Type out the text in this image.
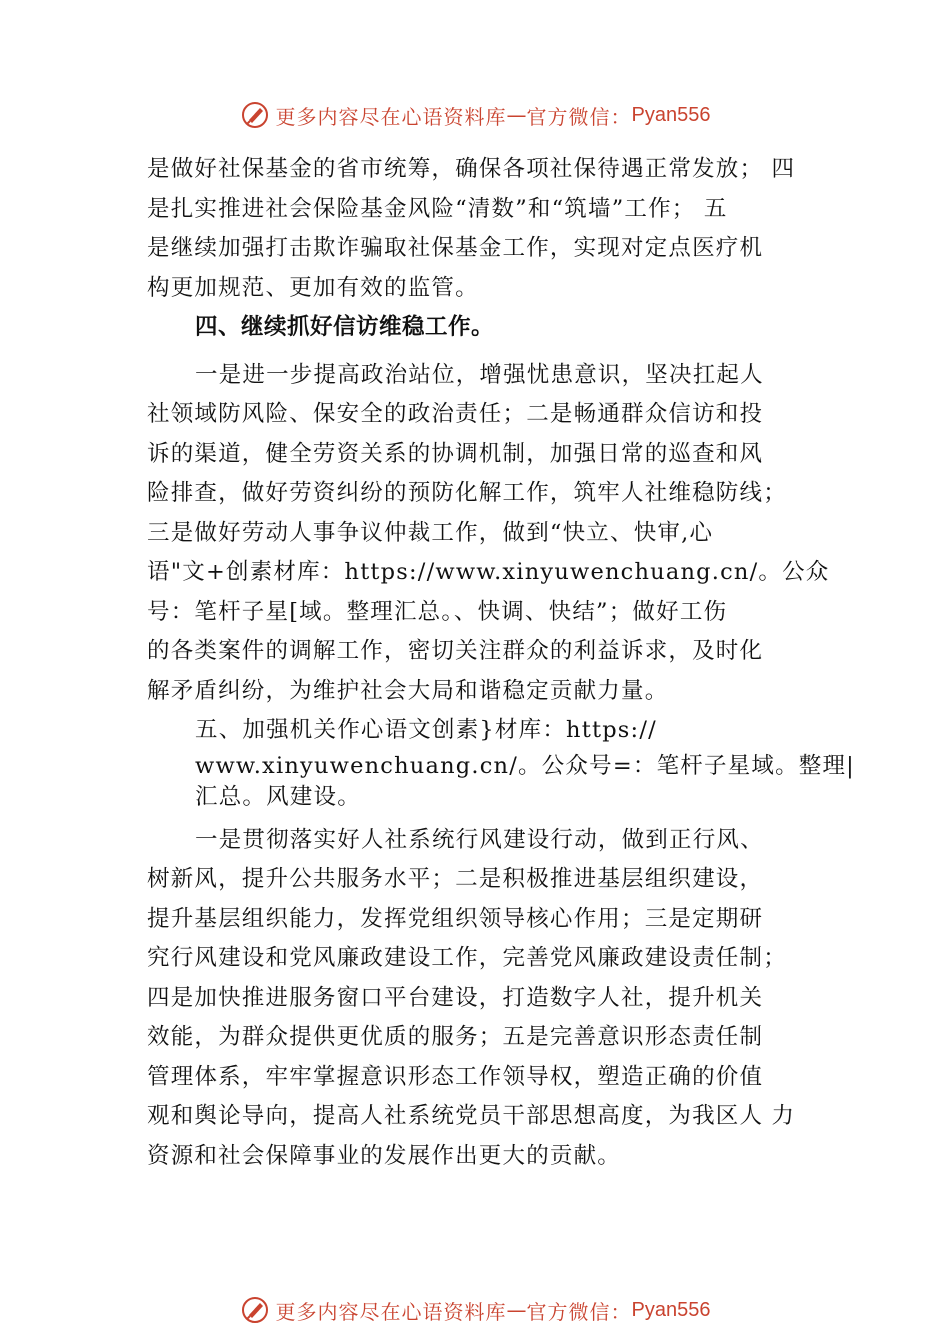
更多内容尽在心语资料库 — 官方微信： Pyan556
是做好社保基金的省市统筹，确保各项社保待遇正常发放； 四
是扎实推进社会保险基金风险“清数”和“筑墙”工作； 五
是继续加强打击欺诈骗取社保基金工作，实现对定点医疗机
构更加规范、更加有效的监管。
四、继续抓好信访维稳工作。
一是进一步提高政治站位，增强忧患意识，坚决扛起人
社领域防风险、保安全的政治责任；二是畅通群众信访和投
诉的渠道，健全劳资关系的协调机制，加强日常的巡查和风
险排查，做好劳资纠纷的预防化解工作，筑牢人社维稳防线；
三是做好劳动人事争议仲裁工作，做到“快立、快审,心
语"文+创素材库：https://www.xinyuwenchuang.cn/。公众
号：笔杆子星[域。整理汇总。、快调、快结”；做好工伤
的各类案件的调解工作，密切关注群众的利益诉求，及时化
解矛盾纠纷，为维护社会大局和谐稳定贡献力量。
五、加强机关作心语文创素}材库：https://
www.xinyuwenchuang.cn/。公众号=：笔杆子星域。整理|
汇总。风建设。
一是贯彻落实好人社系统行风建设行动，做到正行风、
树新风，提升公共服务水平；二是积极推进基层组织建设，
提升基层组织能力，发挥党组织领导核心作用；三是定期研
究行风建设和党风廉政建设工作，完善党风廉政建设责任制；
四是加快推进服务窗口平台建设，打造数字人社，提升机关
效能，为群众提供更优质的服务；五是完善意识形态责任制
管理体系，牢牢掌握意识形态工作领导权，塑造正确的价值
观和舆论导向，提高人社系统党员干部思想高度，为我区人 力
资源和社会保障事业的发展作出更大的贡献。
更多内容尽在心语资料库 — 官方微信： Pyan556
